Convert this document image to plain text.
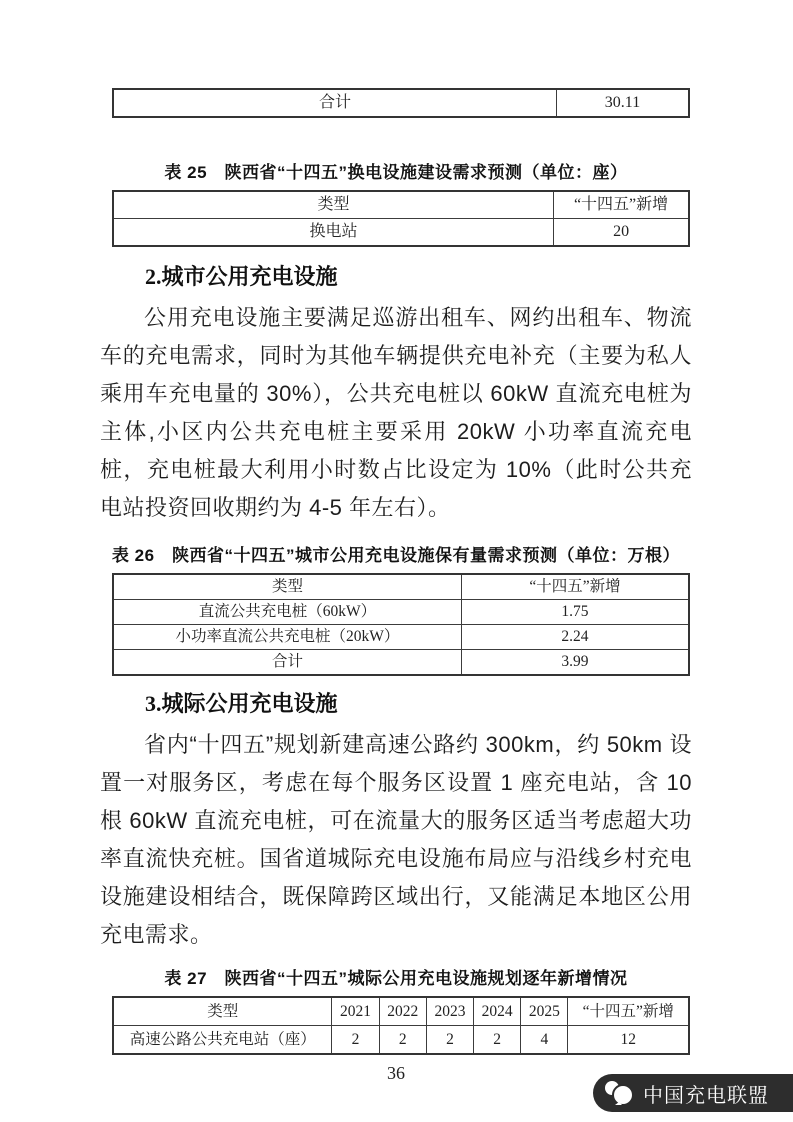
合计	30.11
表 25　陕西省“十四五”换电设施建设需求预测（单位：座）
类型	“十四五”新增
换电站	20
2.城市公用充电设施

公用充电设施主要满足巡游出租车、网约出租车、物流车的充电需求，同时为其他车辆提供充电补充（主要为私人乘用车充电量的 30%），公共充电桩以 60kW 直流充电桩为主体,小区内公共充电桩主要采用 20kW 小功率直流充电桩，充电桩最大利用小时数占比设定为 10%（此时公共充电站投资回收期约为 4-5 年左右）。

表 26　陕西省“十四五”城市公用充电设施保有量需求预测（单位：万根）
类型	“十四五”新增
直流公共充电桩（60kW）	1.75
小功率直流公共充电桩（20kW）	2.24
合计	3.99
3.城际公用充电设施

省内“十四五”规划新建高速公路约 300km，约 50km 设置一对服务区，考虑在每个服务区设置 1 座充电站，含 10 根 60kW 直流充电桩，可在流量大的服务区适当考虑超大功率直流快充桩。国省道城际充电设施布局应与沿线乡村充电设施建设相结合，既保障跨区域出行，又能满足本地区公用充电需求。

表 27　陕西省“十四五”城际公用充电设施规划逐年新增情况
类型	2021	2022	2023	2024	2025	“十四五”新增
高速公路公共充电站（座）	2	2	2	2	4	12
36
中国充电联盟
